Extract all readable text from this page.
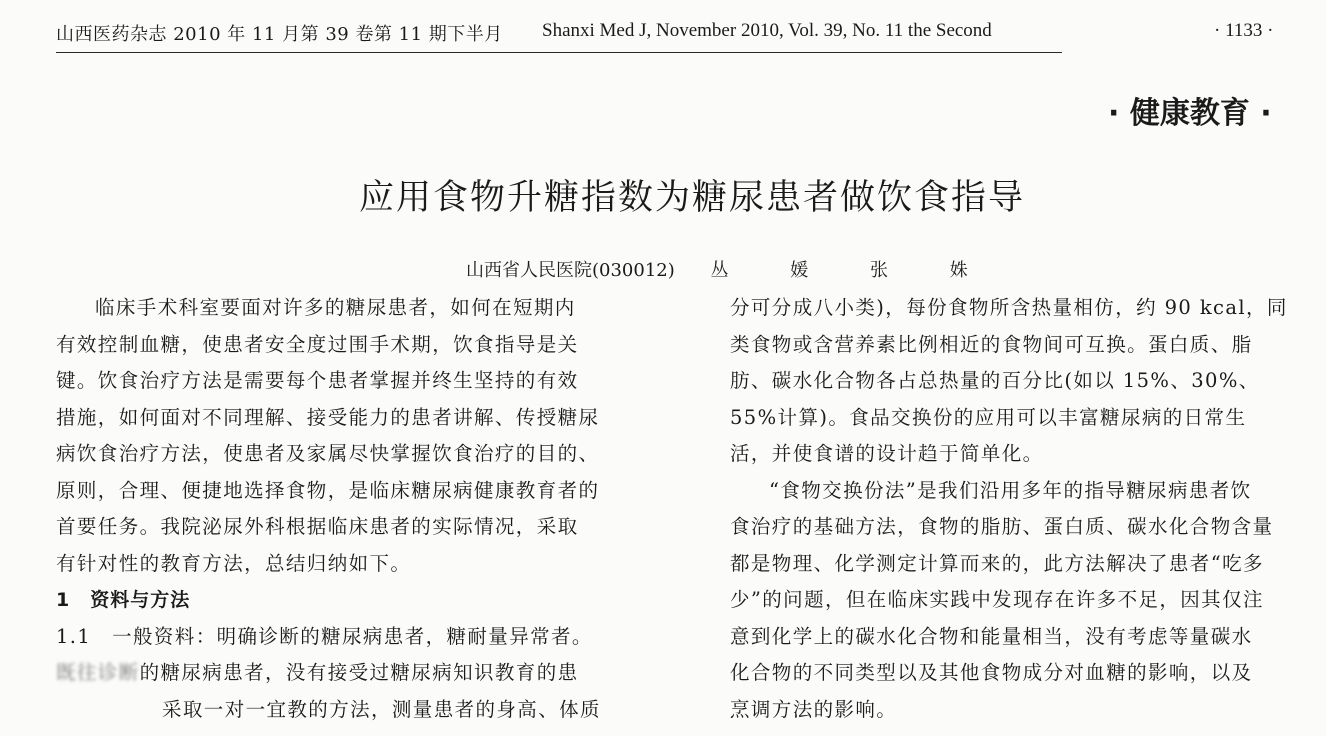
山西医药杂志 2010 年 11 月第 39 卷第 11 期下半月 Shanxi Med J, November 2010, Vol. 39, No. 11 the Second	· 1133 ·
· 健康教育 ·
应用食物升糖指数为糖尿患者做饮食指导
山西省人民医院(030012) 丛 媛 张 姝

临床手术科室要面对许多的糖尿患者，如何在短期内
有效控制血糖，使患者安全度过围手术期，饮食指导是关
键。饮食治疗方法是需要每个患者掌握并终生坚持的有效
措施，如何面对不同理解、接受能力的患者讲解、传授糖尿
病饮食治疗方法，使患者及家属尽快掌握饮食治疗的目的、
原则，合理、便捷地选择食物，是临床糖尿病健康教育者的
首要任务。我院泌尿外科根据临床患者的实际情况，采取
有针对性的教育方法，总结归纳如下。

1　资料与方法
1.1　一般资料：明确诊断的糖尿病患者，糖耐量异常者。
既往诊断的糖尿病患者，没有接受过糖尿病知识教育的患
采取一对一宜教的方法，测量患者的身高、体质

分可分成八小类)，每份食物所含热量相仿，约 90 kcal，同
类食物或含营养素比例相近的食物间可互换。蛋白质、脂
肪、碳水化合物各占总热量的百分比(如以 15%、30%、
55%计算)。食品交换份的应用可以丰富糖尿病的日常生
活，并使食谱的设计趋于简单化。

“食物交换份法”是我们沿用多年的指导糖尿病患者饮
食治疗的基础方法，食物的脂肪、蛋白质、碳水化合物含量
都是物理、化学测定计算而来的，此方法解决了患者“吃多
少”的问题，但在临床实践中发现存在许多不足，因其仅注
意到化学上的碳水化合物和能量相当，没有考虑等量碳水
化合物的不同类型以及其他食物成分对血糖的影响，以及
烹调方法的影响。
